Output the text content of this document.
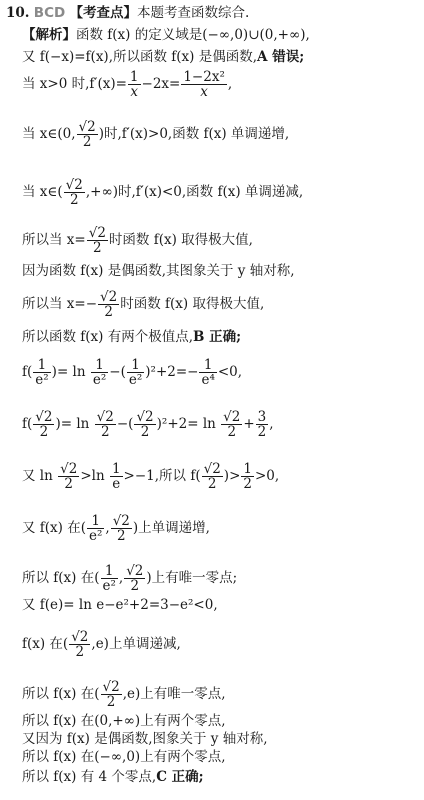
10. BCD 【考查点】本题考查函数综合.
【解析】函数 f(x) 的定义域是(−∞,0)∪(0,+∞),
又 f(−x)=f(x),所以函数 f(x) 是偶函数,A 错误;
当 x>0 时$,f'(x)= \frac{1}{x} -2x= \frac{\text{1−2x²}}{x}$ ,
当 x∈(0, $\frac{√2}{2}$ )时,f′(x)>0,函数 f(x) 单调递增,
当 x∈( $\frac{√2}{2}$ ,+∞)时,f′(x)<0,函数 f(x) 单调递减,
所以当 $x= \frac{√2}{2}$ 时函数 f(x) 取得极大值,
因为函数 f(x) 是偶函数,其图象关于 y 轴对称,
所以当 $x=- \frac{√2}{2}$ 时函数 f(x) 取得极大值,
所以函数 f(x) 有两个极值点,B 正确;
$f( \frac{1}{\text{e²}}$ )= $\ln \frac{1}{\text{e²}}$ −( $\frac{1}{\text{e²}} )^2+2=- \frac{1}{\text{e⁴}} <0$,
$f( \frac{√2}{2}$ )= $\ln \frac{√2}{2}$ −( $\frac{√2}{2} )^2+2= \ln \frac{√2}{2} + \frac{3}{2}$ ,
又 $\ln \frac{√2}{2} >\ln \frac{1}{e} >-1$,所以 $f( \frac{√2}{2}$ )> $\frac{1}{2} >0$,
又 f(x) 在( $\frac{1}{\text{e²}}$ , $\frac{√2}{2}$ )上单调递增,
所以 f(x) 在( $\frac{1}{\text{e²}}$ , $\frac{√2}{2}$ )上有唯一零点;
又 f(e)= ln e−e²+2=3−e²<0,
f(x) 在( $\frac{√2}{2} ,e$)上单调递减,
所以 f(x) 在( $\frac{√2}{2} ,e$)上有唯一零点,
所以 f(x) 在(0,+∞)上有两个零点,
又因为 f(x) 是偶函数,图象关于 y 轴对称,
所以 f(x) 在(−∞,0)上有两个零点,
所以 f(x) 有 4 个零点,C 正确;
